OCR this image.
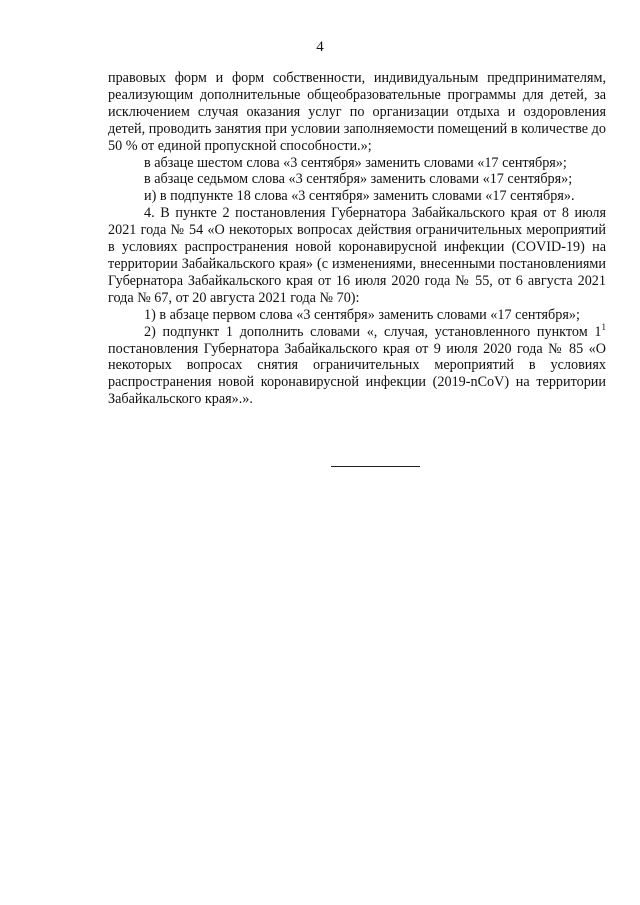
4

правовых форм и форм собственности, индивидуальным предпринимателям, реализующим дополнительные общеобразовательные программы для детей, за исключением случая оказания услуг по организации отдыха и оздоровления детей, проводить занятия при условии заполняемости помещений в количестве до 50 % от единой пропускной способности.»;

в абзаце шестом слова «3 сентября» заменить словами «17 сентября»;

в абзаце седьмом слова «3 сентября» заменить словами «17 сентября»;

и) в подпункте 18 слова «3 сентября» заменить словами «17 сентября».

4. В пункте 2 постановления Губернатора Забайкальского края от 8 июля 2021 года № 54 «О некоторых вопросах действия ограничительных мероприятий в условиях распространения новой коронавирусной инфекции (COVID-19) на территории Забайкальского края» (с изменениями, внесенными постановлениями Губернатора Забайкальского края от 16 июля 2020 года № 55, от 6 августа 2021 года № 67, от 20 августа 2021 года № 70):

1) в абзаце первом слова «3 сентября» заменить словами «17 сентября»;

2) подпункт 1 дополнить словами «, случая, установленного пунктом $1^1$ постановления Губернатора Забайкальского края от 9 июля 2020 года № 85 «О некоторых вопросах снятия ограничительных мероприятий в условиях распространения новой коронавирусной инфекции (2019-nCoV) на территории Забайкальского края».».
